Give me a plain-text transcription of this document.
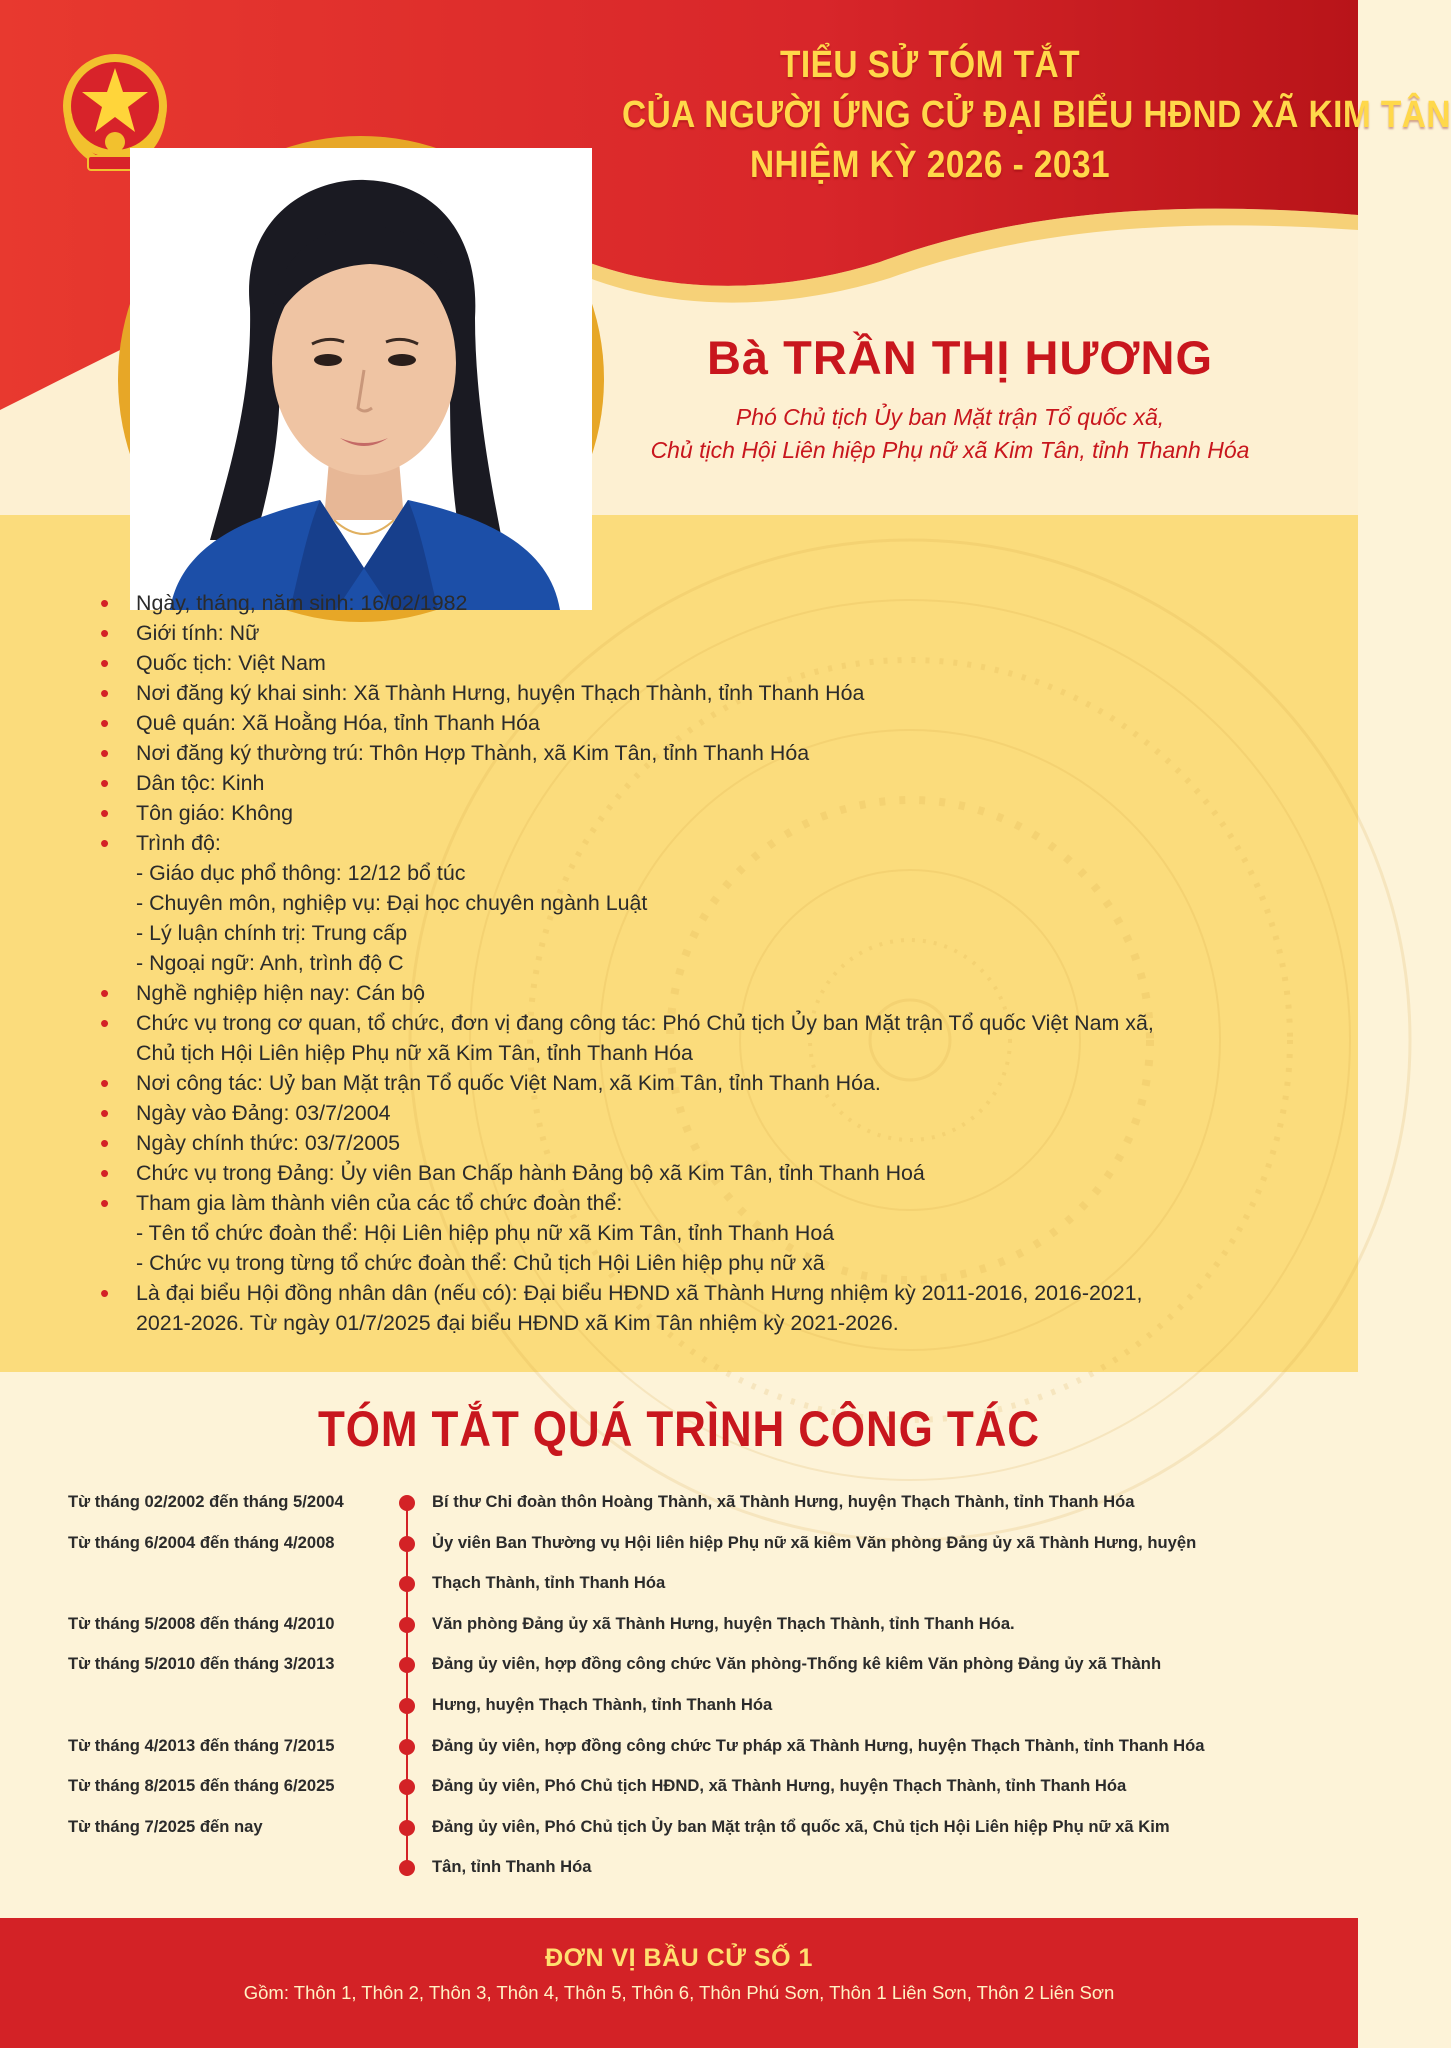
TIỂU SỬ TÓM TẮT
CỦA NGƯỜI ỨNG CỬ ĐẠI BIỂU HĐND XÃ KIM TÂN
NHIỆM KỲ 2026 - 2031
Bà TRẦN THỊ HƯƠNG
Phó Chủ tịch Ủy ban Mặt trận Tổ quốc xã,
Chủ tịch Hội Liên hiệp Phụ nữ xã Kim Tân, tỉnh Thanh Hóa
• Ngày, tháng, năm sinh: 16/02/1982
• Giới tính: Nữ
• Quốc tịch: Việt Nam
• Nơi đăng ký khai sinh: Xã Thành Hưng, huyện Thạch Thành, tỉnh Thanh Hóa
• Quê quán: Xã Hoằng Hóa, tỉnh Thanh Hóa
• Nơi đăng ký thường trú: Thôn Hợp Thành, xã Kim Tân, tỉnh Thanh Hóa
• Dân tộc: Kinh
• Tôn giáo: Không
• Trình độ:
- Giáo dục phổ thông: 12/12 bổ túc
- Chuyên môn, nghiệp vụ: Đại học chuyên ngành Luật
- Lý luận chính trị: Trung cấp
- Ngoại ngữ: Anh, trình độ C
• Nghề nghiệp hiện nay: Cán bộ
• Chức vụ trong cơ quan, tổ chức, đơn vị đang công tác: Phó Chủ tịch Ủy ban Mặt trận Tổ quốc Việt Nam xã,
Chủ tịch Hội Liên hiệp Phụ nữ xã Kim Tân, tỉnh Thanh Hóa
• Nơi công tác: Uỷ ban Mặt trận Tổ quốc Việt Nam, xã Kim Tân, tỉnh Thanh Hóa.
• Ngày vào Đảng: 03/7/2004
• Ngày chính thức: 03/7/2005
• Chức vụ trong Đảng: Ủy viên Ban Chấp hành Đảng bộ xã Kim Tân, tỉnh Thanh Hoá
• Tham gia làm thành viên của các tổ chức đoàn thể:
- Tên tổ chức đoàn thể: Hội Liên hiệp phụ nữ xã Kim Tân, tỉnh Thanh Hoá
- Chức vụ trong từng tổ chức đoàn thể: Chủ tịch Hội Liên hiệp phụ nữ xã
• Là đại biểu Hội đồng nhân dân (nếu có): Đại biểu HĐND xã Thành Hưng nhiệm kỳ 2011-2016, 2016-2021,
2021-2026. Từ ngày 01/7/2025 đại biểu HĐND xã Kim Tân nhiệm kỳ 2021-2026.
TÓM TẮT QUÁ TRÌNH CÔNG TÁC
Từ tháng 02/2002 đến tháng 5/2004	Bí thư Chi đoàn thôn Hoàng Thành, xã Thành Hưng, huyện Thạch Thành, tỉnh Thanh Hóa
Từ tháng 6/2004 đến tháng 4/2008	Ủy viên Ban Thường vụ Hội liên hiệp Phụ nữ xã kiêm Văn phòng Đảng ủy xã Thành Hưng, huyện
Thạch Thành, tỉnh Thanh Hóa
Từ tháng 5/2008 đến tháng 4/2010	Văn phòng Đảng ủy xã Thành Hưng, huyện Thạch Thành, tỉnh Thanh Hóa.
Từ tháng 5/2010 đến tháng 3/2013	Đảng ủy viên, hợp đồng công chức Văn phòng-Thống kê kiêm Văn phòng Đảng ủy xã Thành
Hưng, huyện Thạch Thành, tỉnh Thanh Hóa
Từ tháng 4/2013 đến tháng 7/2015	Đảng ủy viên, hợp đồng công chức Tư pháp xã Thành Hưng, huyện Thạch Thành, tỉnh Thanh Hóa
Từ tháng 8/2015 đến tháng 6/2025	Đảng ủy viên, Phó Chủ tịch HĐND, xã Thành Hưng, huyện Thạch Thành, tỉnh Thanh Hóa
Từ tháng 7/2025 đến nay	Đảng ủy viên, Phó Chủ tịch Ủy ban Mặt trận tổ quốc xã, Chủ tịch Hội Liên hiệp Phụ nữ xã Kim
Tân, tỉnh Thanh Hóa
ĐƠN VỊ BẦU CỬ SỐ 1
Gồm: Thôn 1, Thôn 2, Thôn 3, Thôn 4, Thôn 5, Thôn 6, Thôn Phú Sơn, Thôn 1 Liên Sơn, Thôn 2 Liên Sơn
